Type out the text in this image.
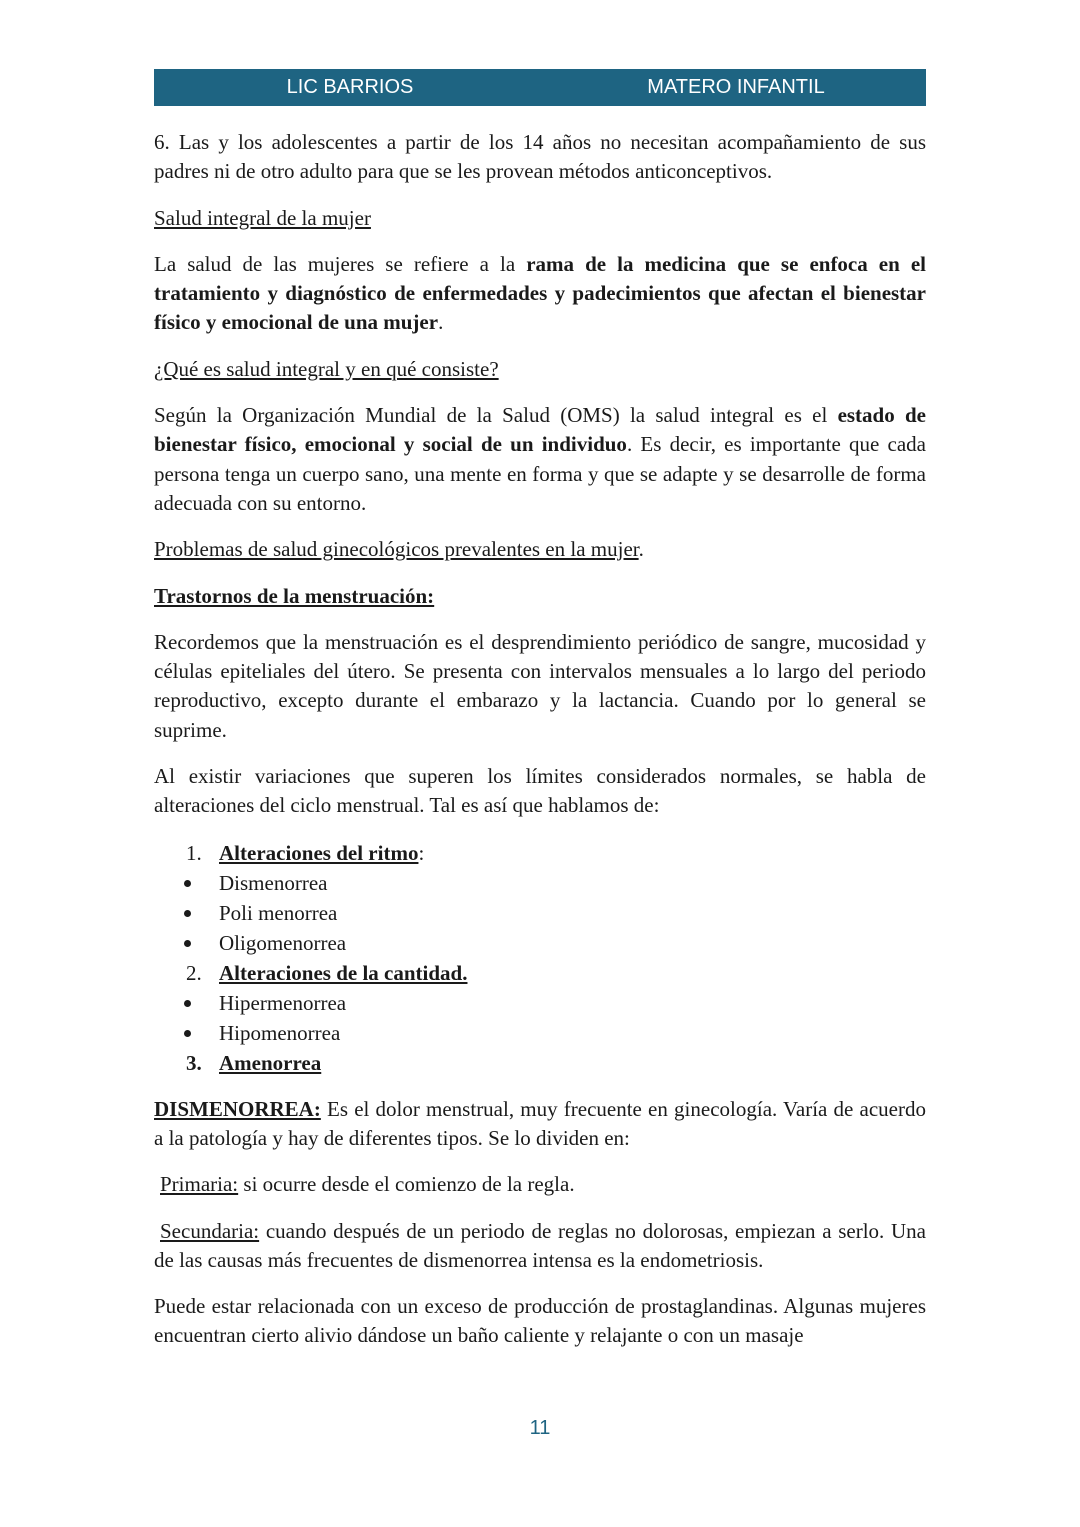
LIC BARRIOS	MATERO INFANTIL

6. Las y los adolescentes a partir de los 14 años no necesitan acompañamiento de sus padres ni de otro adulto para que se les provean métodos anticonceptivos.

Salud integral de la mujer

La salud de las mujeres se refiere a la rama de la medicina que se enfoca en el tratamiento y diagnóstico de enfermedades y padecimientos que afectan el bienestar físico y emocional de una mujer.

¿Qué es salud integral y en qué consiste?

Según la Organización Mundial de la Salud (OMS) la salud integral es el estado de bienestar físico, emocional y social de un individuo. Es decir, es importante que cada persona tenga un cuerpo sano, una mente en forma y que se adapte y se desarrolle de forma adecuada con su entorno.

Problemas de salud ginecológicos prevalentes en la mujer.

Trastornos de la menstruación:

Recordemos que la menstruación es el desprendimiento periódico de sangre, mucosidad y células epiteliales del útero. Se presenta con intervalos mensuales a lo largo del periodo reproductivo, excepto durante el embarazo y la lactancia. Cuando por lo general se suprime.

Al existir variaciones que superen los límites considerados normales, se habla de alteraciones del ciclo menstrual. Tal es así que hablamos de:

1. Alteraciones del ritmo:
Dismenorrea
Poli menorrea
Oligomenorrea
2. Alteraciones de la cantidad.
Hipermenorrea
Hipomenorrea
3. Amenorrea

DISMENORREA: Es el dolor menstrual, muy frecuente en ginecología. Varía de acuerdo a la patología y hay de diferentes tipos. Se lo dividen en:

Primaria: si ocurre desde el comienzo de la regla.

Secundaria: cuando después de un periodo de reglas no dolorosas, empiezan a serlo. Una de las causas más frecuentes de dismenorrea intensa es la endometriosis.

Puede estar relacionada con un exceso de producción de prostaglandinas. Algunas mujeres encuentran cierto alivio dándose un baño caliente y relajante o con un masaje

11
